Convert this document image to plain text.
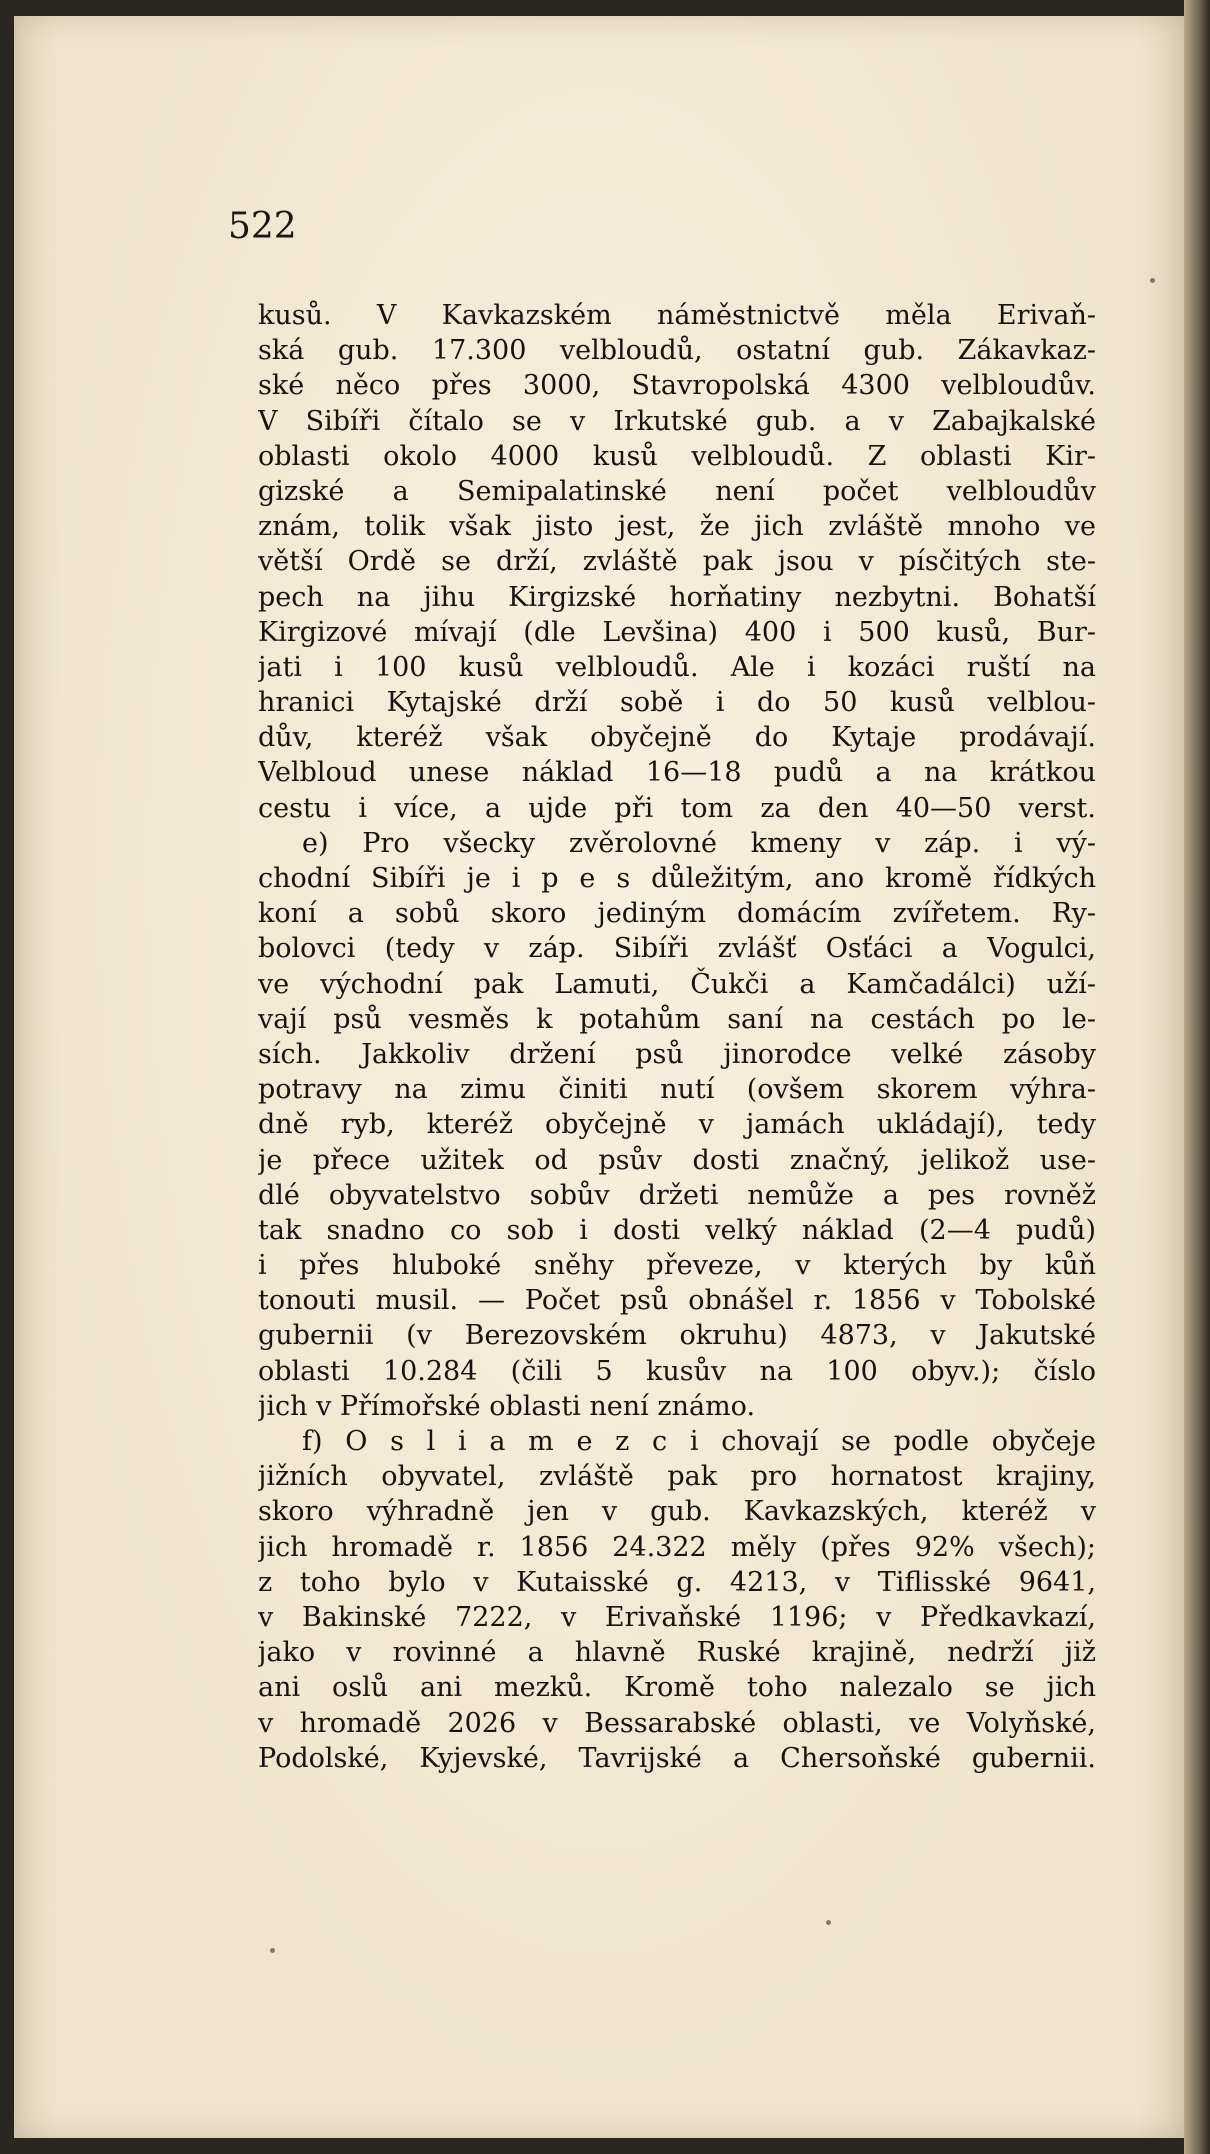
522
kusů. V Kavkazském náměstnictvě měla Erivaň-
ská gub. 17.300 velbloudů, ostatní gub. Zákavkaz-
ské něco přes 3000, Stavropolská 4300 velbloudův.
V Sibíři čítalo se v Irkutské gub. a v Zabajkalské
oblasti okolo 4000 kusů velbloudů. Z oblasti Kir-
gizské a Semipalatinské není počet velbloudův
znám, tolik však jisto jest, že jich zvláště mnoho ve
větší Ordě se drží, zvláště pak jsou v písčitých ste-
pech na jihu Kirgizské horňatiny nezbytni. Bohatší
Kirgizové mívají (dle Levšina) 400 i 500 kusů, Bur-
jati i 100 kusů velbloudů. Ale i kozáci ruští na
hranici Kytajské drží sobě i do 50 kusů velblou-
dův, kteréž však obyčejně do Kytaje prodávají.
Velbloud unese náklad 16—18 pudů a na krátkou
cestu i více, a ujde při tom za den 40—50 verst.
e) Pro všecky zvěrolovné kmeny v záp. i vý-
chodní Sibíři je i p e s důležitým, ano kromě řídkých
koní a sobů skoro jediným domácím zvířetem. Ry-
bolovci (tedy v záp. Sibíři zvlášť Osťáci a Vogulci,
ve východní pak Lamuti, Čukči a Kamčadálci) uží-
vají psů vesměs k potahům saní na cestách po le-
sích. Jakkoliv držení psů jinorodce velké zásoby
potravy na zimu činiti nutí (ovšem skorem výhra-
dně ryb, kteréž obyčejně v jamách ukládají), tedy
je přece užitek od psův dosti značný, jelikož use-
dlé obyvatelstvo sobův držeti nemůže a pes rovněž
tak snadno co sob i dosti velký náklad (2—4 pudů)
i přes hluboké sněhy převeze, v kterých by kůň
tonouti musil. — Počet psů obnášel r. 1856 v Tobolské
gubernii (v Berezovském okruhu) 4873, v Jakutské
oblasti 10.284 (čili 5 kusův na 100 obyv.); číslo
jich v Přímořské oblasti není známo.
f) O s l i a m e z c i chovají se podle obyčeje
jižních obyvatel, zvláště pak pro hornatost krajiny,
skoro výhradně jen v gub. Kavkazských, kteréž v
jich hromadě r. 1856 24.322 měly (přes 92% všech);
z toho bylo v Kutaisské g. 4213, v Tiflisské 9641,
v Bakinské 7222, v Erivaňské 1196; v Předkavkazí,
jako v rovinné a hlavně Ruské krajině, nedrží již
ani oslů ani mezků. Kromě toho nalezalo se jich
v hromadě 2026 v Bessarabské oblasti, ve Volyňské,
Podolské, Kyjevské, Tavrijské a Chersoňské gubernii.
